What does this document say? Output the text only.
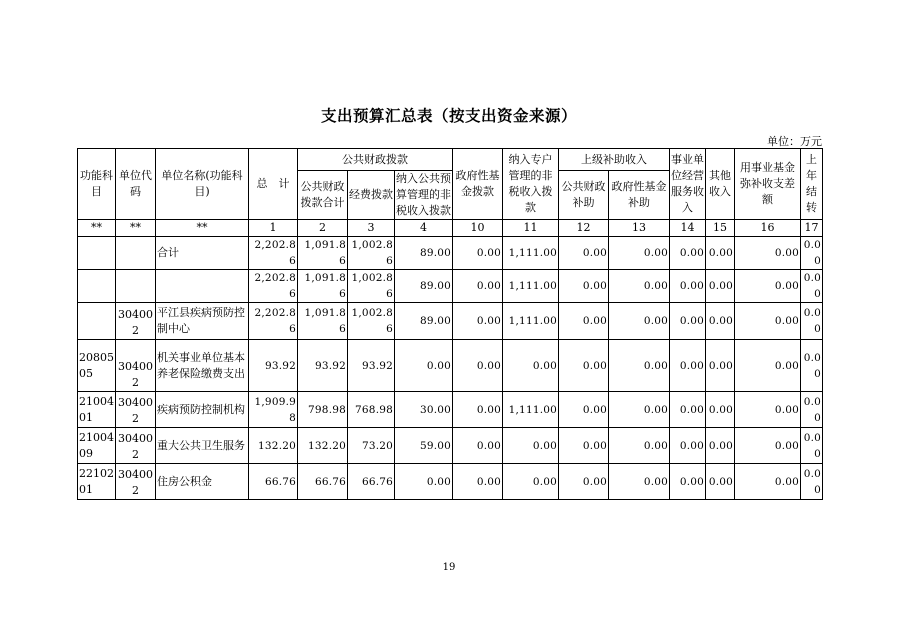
支出预算汇总表（按支出资金来源）
单位：万元
功能科目	单位代码	单位名称(功能科目)	总　计	公共财政拨款			政府性基金拨款	纳入专户管理的非税收入拨款	上级补助收入		事业单位经营服务收入	其他收入	用事业基金弥补收支差额	上年结转
				公共财政拨款合计	经费拨款	纳入公共预算管理的非税收入拨款			公共财政补助	政府性基金补助				
**	**	**	1	2	3	4	10	11	12	13	14	15	16	17
		合计	2,202.86	1,091.86	1,002.86	89.00	0.00	1,111.00	0.00	0.00	0.00	0.00	0.00	0.00
			2,202.86	1,091.86	1,002.86	89.00	0.00	1,111.00	0.00	0.00	0.00	0.00	0.00	0.00
	304002	平江县疾病预防控制中心	2,202.86	1,091.86	1,002.86	89.00	0.00	1,111.00	0.00	0.00	0.00	0.00	0.00	0.00
2080505	304002	机关事业单位基本养老保险缴费支出	93.92	93.92	93.92	0.00	0.00	0.00	0.00	0.00	0.00	0.00	0.00	0.00
2100401	304002	疾病预防控制机构	1,909.98	798.98	768.98	30.00	0.00	1,111.00	0.00	0.00	0.00	0.00	0.00	0.00
2100409	304002	重大公共卫生服务	132.20	132.20	73.20	59.00	0.00	0.00	0.00	0.00	0.00	0.00	0.00	0.00
2210201	304002	住房公积金	66.76	66.76	66.76	0.00	0.00	0.00	0.00	0.00	0.00	0.00	0.00	0.00
19
